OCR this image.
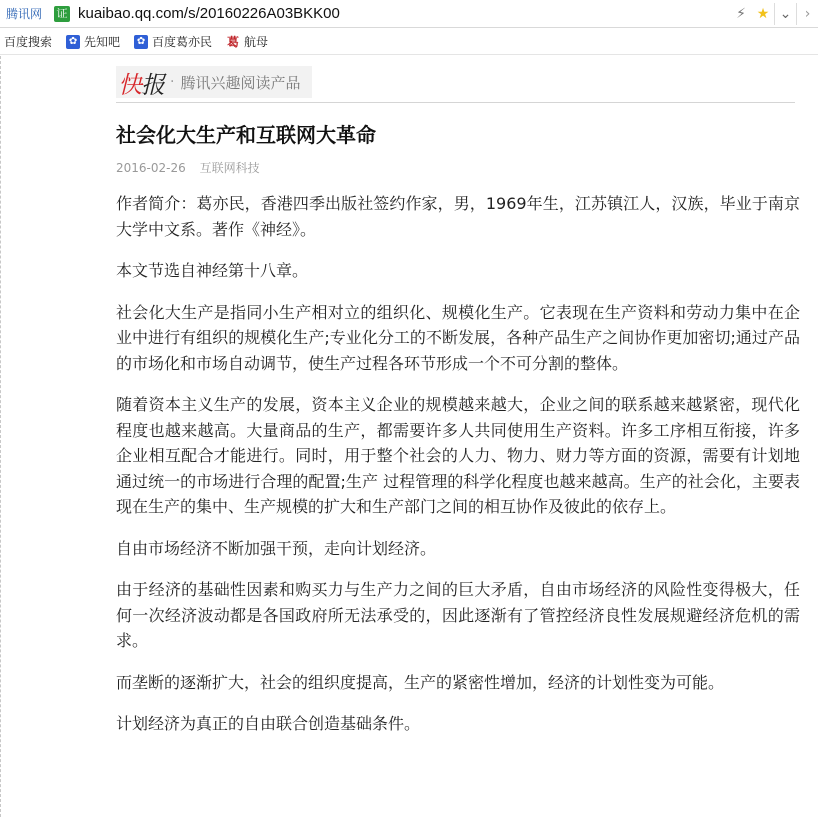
腾讯网 证 kuaibao.qq.com/s/20160226A03BKK00	⚡ ★ ⌄ ›
百度搜索 ✿ 先知吧 ✿ 百度葛亦民 葛 航母
快报 · 腾讯兴趣阅读产品
社会化大生产和互联网大革命
2016-02-26 互联网科技

作者简介：葛亦民，香港四季出版社签约作家，男，1969年生，江苏镇江人，汉族，毕业于南京大学中文系。著作《神经》。

本文节选自神经第十八章。

社会化大生产是指同小生产相对立的组织化、规模化生产。它表现在生产资料和劳动力集中在企业中进行有组织的规模化生产;专业化分工的不断发展，各种产品生产之间协作更加密切;通过产品的市场化和市场自动调节，使生产过程各环节形成一个不可分割的整体。

随着资本主义生产的发展，资本主义企业的规模越来越大，企业之间的联系越来越紧密，现代化程度也越来越高。大量商品的生产，都需要许多人共同使用生产资料。许多工序相互衔接，许多企业相互配合才能进行。同时，用于整个社会的人力、物力、财力等方面的资源，需要有计划地通过统一的市场进行合理的配置;生产 过程管理的科学化程度也越来越高。生产的社会化，主要表现在生产的集中、生产规模的扩大和生产部门之间的相互协作及彼此的依存上。

自由市场经济不断加强干预，走向计划经济。

由于经济的基础性因素和购买力与生产力之间的巨大矛盾，自由市场经济的风险性变得极大，任何一次经济波动都是各国政府所无法承受的，因此逐渐有了管控经济良性发展规避经济危机的需求。

而垄断的逐渐扩大，社会的组织度提高，生产的紧密性增加，经济的计划性变为可能。

计划经济为真正的自由联合创造基础条件。
